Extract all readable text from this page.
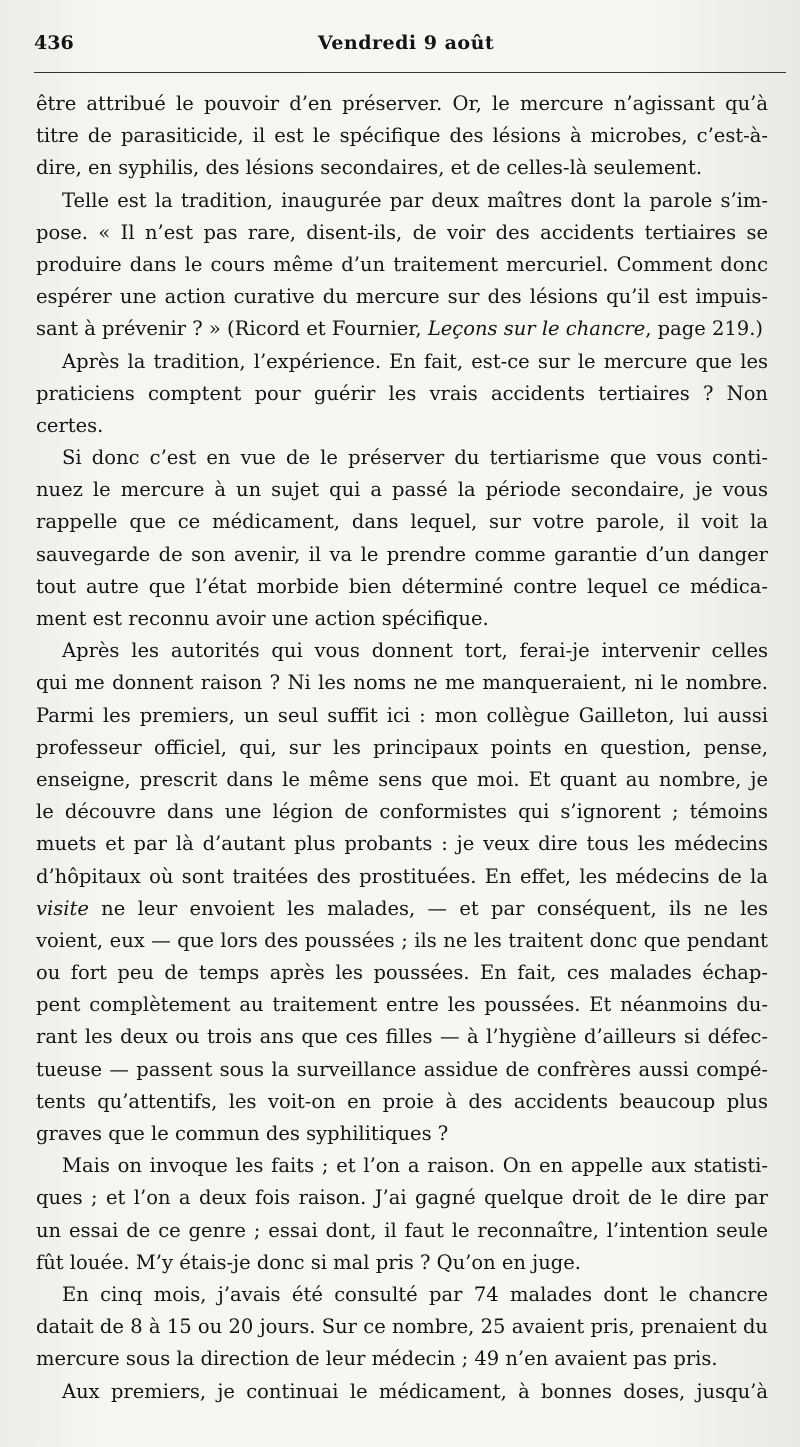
436	Vendredi 9 août
être attribué le pouvoir d’en préserver. Or, le mercure n’agissant qu’à
titre de parasiticide, il est le spécifique des lésions à microbes, c’est-à-
dire, en syphilis, des lésions secondaires, et de celles-là seulement.
Telle est la tradition, inaugurée par deux maîtres dont la parole s’im-
pose. « Il n’est pas rare, disent-ils, de voir des accidents tertiaires se
produire dans le cours même d’un traitement mercuriel. Comment donc
espérer une action curative du mercure sur des lésions qu’il est impuis-
sant à prévenir ? » (Ricord et Fournier, Leçons sur le chancre, page 219.)
Après la tradition, l’expérience. En fait, est-ce sur le mercure que les
praticiens comptent pour guérir les vrais accidents tertiaires ? Non
certes.
Si donc c’est en vue de le préserver du tertiarisme que vous conti-
nuez le mercure à un sujet qui a passé la période secondaire, je vous
rappelle que ce médicament, dans lequel, sur votre parole, il voit la
sauvegarde de son avenir, il va le prendre comme garantie d’un danger
tout autre que l’état morbide bien déterminé contre lequel ce médica-
ment est reconnu avoir une action spécifique.
Après les autorités qui vous donnent tort, ferai-je intervenir celles
qui me donnent raison ? Ni les noms ne me manqueraient, ni le nombre.
Parmi les premiers, un seul suffit ici : mon collègue Gailleton, lui aussi
professeur officiel, qui, sur les principaux points en question, pense,
enseigne, prescrit dans le même sens que moi. Et quant au nombre, je
le découvre dans une légion de conformistes qui s’ignorent ; témoins
muets et par là d’autant plus probants : je veux dire tous les médecins
d’hôpitaux où sont traitées des prostituées. En effet, les médecins de la
visite ne leur envoient les malades, — et par conséquent, ils ne les
voient, eux — que lors des poussées ; ils ne les traitent donc que pendant
ou fort peu de temps après les poussées. En fait, ces malades échap-
pent complètement au traitement entre les poussées. Et néanmoins du-
rant les deux ou trois ans que ces filles — à l’hygiène d’ailleurs si défec-
tueuse — passent sous la surveillance assidue de confrères aussi compé-
tents qu’attentifs, les voit-on en proie à des accidents beaucoup plus
graves que le commun des syphilitiques ?
Mais on invoque les faits ; et l’on a raison. On en appelle aux statisti-
ques ; et l’on a deux fois raison. J’ai gagné quelque droit de le dire par
un essai de ce genre ; essai dont, il faut le reconnaître, l’intention seule
fût louée. M’y étais-je donc si mal pris ? Qu’on en juge.
En cinq mois, j’avais été consulté par 74 malades dont le chancre
datait de 8 à 15 ou 20 jours. Sur ce nombre, 25 avaient pris, prenaient du
mercure sous la direction de leur médecin ; 49 n’en avaient pas pris.
Aux premiers, je continuai le médicament, à bonnes doses, jusqu’à
